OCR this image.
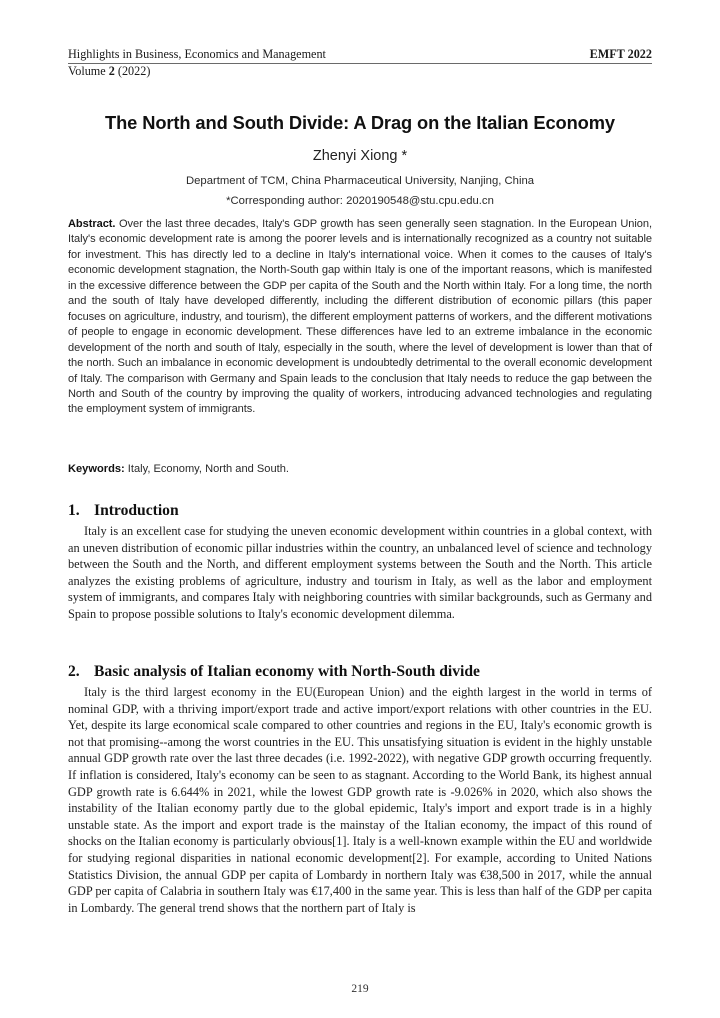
Highlights in Business, Economics and Management	EMFT 2022
Volume 2 (2022)
The North and South Divide: A Drag on the Italian Economy
Zhenyi Xiong *
Department of TCM, China Pharmaceutical University, Nanjing, China
*Corresponding author: 2020190548@stu.cpu.edu.cn
Abstract. Over the last three decades, Italy's GDP growth has seen generally seen stagnation. In the European Union, Italy's economic development rate is among the poorer levels and is internationally recognized as a country not suitable for investment. This has directly led to a decline in Italy's international voice. When it comes to the causes of Italy's economic development stagnation, the North-South gap within Italy is one of the important reasons, which is manifested in the excessive difference between the GDP per capita of the South and the North within Italy. For a long time, the north and the south of Italy have developed differently, including the different distribution of economic pillars (this paper focuses on agriculture, industry, and tourism), the different employment patterns of workers, and the different motivations of people to engage in economic development. These differences have led to an extreme imbalance in the economic development of the north and south of Italy, especially in the south, where the level of development is lower than that of the north. Such an imbalance in economic development is undoubtedly detrimental to the overall economic development of Italy. The comparison with Germany and Spain leads to the conclusion that Italy needs to reduce the gap between the North and South of the country by improving the quality of workers, introducing advanced technologies and regulating the employment system of immigrants.
Keywords: Italy, Economy, North and South.
1. Introduction
Italy is an excellent case for studying the uneven economic development within countries in a global context, with an uneven distribution of economic pillar industries within the country, an unbalanced level of science and technology between the South and the North, and different employment systems between the South and the North. This article analyzes the existing problems of agriculture, industry and tourism in Italy, as well as the labor and employment system of immigrants, and compares Italy with neighboring countries with similar backgrounds, such as Germany and Spain to propose possible solutions to Italy's economic development dilemma.
2. Basic analysis of Italian economy with North-South divide
Italy is the third largest economy in the EU(European Union) and the eighth largest in the world in terms of nominal GDP, with a thriving import/export trade and active import/export relations with other countries in the EU. Yet, despite its large economical scale compared to other countries and regions in the EU, Italy's economic growth is not that promising--among the worst countries in the EU. This unsatisfying situation is evident in the highly unstable annual GDP growth rate over the last three decades (i.e. 1992-2022), with negative GDP growth occurring frequently. If inflation is considered, Italy's economy can be seen to as stagnant. According to the World Bank, its highest annual GDP growth rate is 6.644% in 2021, while the lowest GDP growth rate is -9.026% in 2020, which also shows the instability of the Italian economy partly due to the global epidemic, Italy's import and export trade is in a highly unstable state. As the import and export trade is the mainstay of the Italian economy, the impact of this round of shocks on the Italian economy is particularly obvious[1]. Italy is a well-known example within the EU and worldwide for studying regional disparities in national economic development[2]. For example, according to United Nations Statistics Division, the annual GDP per capita of Lombardy in northern Italy was €38,500 in 2017, while the annual GDP per capita of Calabria in southern Italy was €17,400 in the same year. This is less than half of the GDP per capita in Lombardy. The general trend shows that the northern part of Italy is
219
